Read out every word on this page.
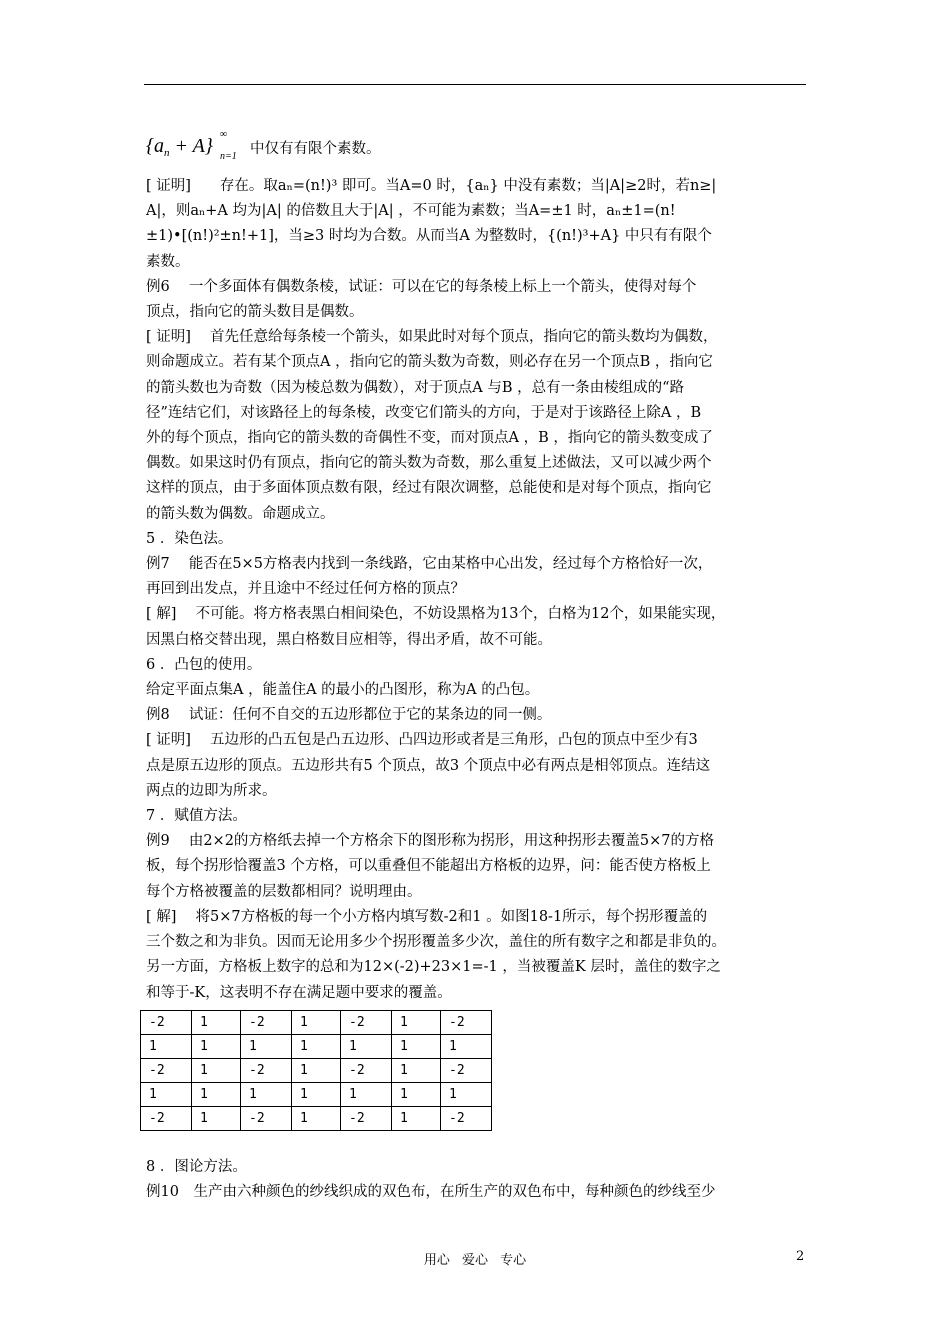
$\{a_n + A\}$
∞
n=1 中仅有有限个素数。

[ 证明]　　存在。取aₙ=(n!)³ 即可。当A=0 时，{aₙ} 中没有素数；当|A|≥2时，若n≥|

A|，则aₙ+A 均为|A| 的倍数且大于|A| ，不可能为素数；当A=±1 时，aₙ±1=(n!

±1)•[(n!)²±n!+1]，当≥3 时均为合数。从而当A 为整数时，{(n!)³+A} 中只有有限个

素数。

例6　 一个多面体有偶数条棱，试证：可以在它的每条棱上标上一个箭头，使得对每个

顶点，指向它的箭头数目是偶数。

[ 证明]　 首先任意给每条棱一个箭头，如果此时对每个顶点，指向它的箭头数均为偶数，

则命题成立。若有某个顶点A ，指向它的箭头数为奇数，则必存在另一个顶点B ，指向它

的箭头数也为奇数（因为棱总数为偶数），对于顶点A 与B ，总有一条由棱组成的“路

径”连结它们，对该路径上的每条棱，改变它们箭头的方向，于是对于该路径上除A ，B

外的每个顶点，指向它的箭头数的奇偶性不变，而对顶点A ，B ，指向它的箭头数变成了

偶数。如果这时仍有顶点，指向它的箭头数为奇数，那么重复上述做法，又可以减少两个

这样的顶点，由于多面体顶点数有限，经过有限次调整，总能使和是对每个顶点，指向它

的箭头数为偶数。命题成立。

5 ．染色法。

例7　 能否在5×5方格表内找到一条线路，它由某格中心出发，经过每个方格恰好一次，

再回到出发点，并且途中不经过任何方格的顶点？

[ 解]　 不可能。将方格表黑白相间染色，不妨设黑格为13个，白格为12个，如果能实现，

因黑白格交替出现，黑白格数目应相等，得出矛盾，故不可能。

6 ．凸包的使用。

给定平面点集A ，能盖住A 的最小的凸图形，称为A 的凸包。

例8　 试证：任何不自交的五边形都位于它的某条边的同一侧。

[ 证明]　 五边形的凸五包是凸五边形、凸四边形或者是三角形，凸包的顶点中至少有3

点是原五边形的顶点。五边形共有5 个顶点，故3 个顶点中必有两点是相邻顶点。连结这

两点的边即为所求。

7 ．赋值方法。

例9　 由2×2的方格纸去掉一个方格余下的图形称为拐形，用这种拐形去覆盖5×7的方格

板，每个拐形恰覆盖3 个方格，可以重叠但不能超出方格板的边界，问：能否使方格板上

每个方格被覆盖的层数都相同？说明理由。

[ 解]　 将5×7方格板的每一个小方格内填写数-2和1 。如图18-1所示，每个拐形覆盖的

三个数之和为非负。因而无论用多少个拐形覆盖多少次，盖住的所有数字之和都是非负的。

另一方面，方格板上数字的总和为12×(-2)+23×1=-1 ，当被覆盖K 层时，盖住的数字之

和等于-K，这表明不存在满足题中要求的覆盖。

-2	1	-2	1	-2	1	-2
1	1	1	1	1	1	1
-2	1	-2	1	-2	1	-2
1	1	1	1	1	1	1
-2	1	-2	1	-2	1	-2

8 ．图论方法。

例10　生产由六种颜色的纱线织成的双色布，在所生产的双色布中，每种颜色的纱线至少

用心 爱心 专心	2
